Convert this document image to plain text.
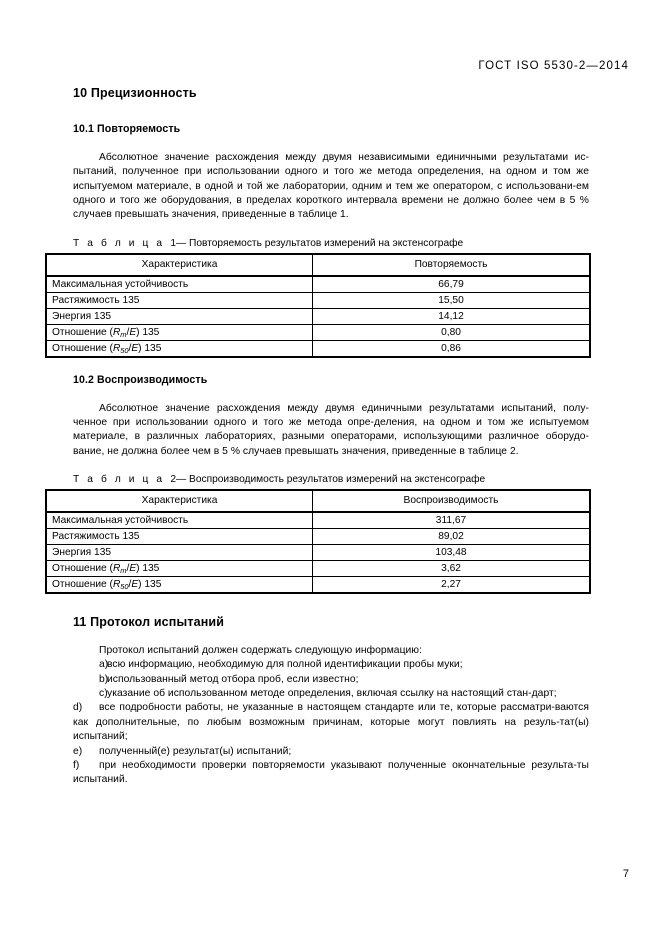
ГОСТ ISO 5530-2—2014
10 Прецизионность
10.1 Повторяемость

Абсолютное значение расхождения между двумя независимыми единичными результатами ис-пытаний, полученное при использовании одного и того же метода определения, на одном и том же испытуемом материале, в одной и той же лаборатории, одним и тем же оператором, с использовани-ем одного и того же оборудования, в пределах короткого интервала времени не должно более чем в 5 % случаев превышать значения, приведенные в таблице 1.

Т а б л и ц а 1— Повторяемость результатов измерений на экстенсографе

Характеристика	Повторяемость
Максимальная устойчивость	66,79
Растяжимость 135	15,50
Энергия 135	14,12
Отношение $(R_m/E)$ 135	0,80
Отношение $(R_{50}/E)$ 135	0,86
10.2 Воспроизводимость

Абсолютное значение расхождения между двумя единичными результатами испытаний, полу-ченное при использовании одного и того же метода опре-деления, на одном и том же испытуемом материале, в различных лабораториях, разными операторами, использующими различное оборудо-вание, не должна более чем в 5 % случаев превышать значения, приведенные в таблице 2.

Т а б л и ц а 2— Воспроизводимость результатов измерений на экстенсографе

Характеристика	Воспроизводимость
Максимальная устойчивость	311,67
Растяжимость 135	89,02
Энергия 135	103,48
Отношение $(R_m/E)$ 135	3,62
Отношение $(R_{50}/E)$ 135	2,27
11 Протокол испытаний

Протокол испытаний должен содержать следующую информацию:

a)
всю информацию, необходимую для полной идентификации пробы муки;
b)
использованный метод отбора проб, если известно;
c) указание об использованном методе определения, включая ссылку на настоящий стан-дарт;

d) все подробности работы, не указанные в настоящем стандарте или те, которые рассматри-ваются как дополнительные, по любым возможным причинам, которые могут повлиять на резуль-тат(ы) испытаний;

e) полученный(е) результат(ы) испытаний;

f) при необходимости проверки повторяемости указывают полученные окончательные результа-ты испытаний.

7
